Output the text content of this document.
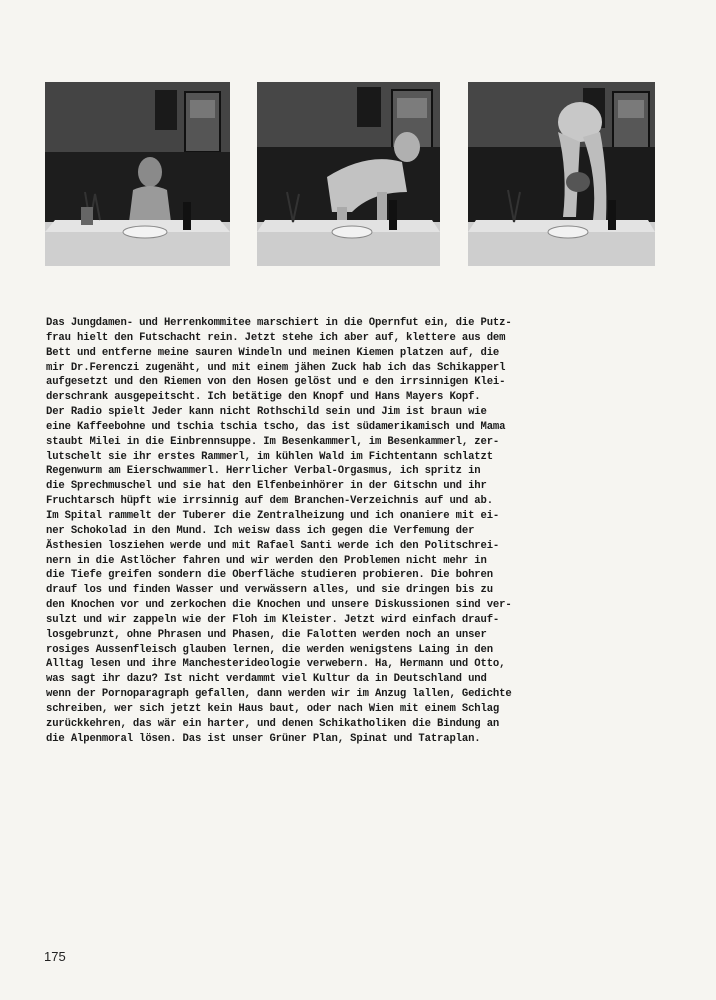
Das Jungdamen- und Herrenkommitee marschiert in die Opernfut ein, die Putz-
frau hielt den Futschacht rein. Jetzt stehe ich aber auf, klettere aus dem
Bett und entferne meine sauren Windeln und meinen Kiemen platzen auf, die
mir Dr.Ferenczi zugenäht, und mit einem jähen Zuck hab ich das Schikapperl
aufgesetzt und den Riemen von den Hosen gelöst und e den irrsinnigen Klei-
derschrank ausgepeitscht. Ich betätige den Knopf und Hans Mayers Kopf.
Der Radio spielt Jeder kann nicht Rothschild sein und Jim ist braun wie
eine Kaffeebohne und tschia tschia tscho, das ist südamerikamisch und Mama
staubt Milei in die Einbrennsuppe. Im Besenkammerl, im Besenkammerl, zer-
lutschelt sie ihr erstes Rammerl, im kühlen Wald im Fichtentann schlatzt
Regenwurm am Eierschwammerl. Herrlicher Verbal-Orgasmus, ich spritz in
die Sprechmuschel und sie hat den Elfenbeinhörer in der Gitschn und ihr
Fruchtarsch hüpft wie irrsinnig auf dem Branchen-Verzeichnis auf und ab.
Im Spital rammelt der Tuberer die Zentralheizung und ich onaniere mit ei-
ner Schokolad in den Mund. Ich weisw dass ich gegen die Verfemung der
Ästhesien losziehen werde und mit Rafael Santi werde ich den Politschrei-
nern in die Astlöcher fahren und wir werden den Problemen nicht mehr in
die Tiefe greifen sondern die Oberfläche studieren probieren. Die bohren
drauf los und finden Wasser und verwässern alles, und sie dringen bis zu
den Knochen vor und zerkochen die Knochen und unsere Diskussionen sind ver-
sulzt und wir zappeln wie der Floh im Kleister. Jetzt wird einfach drauf-
losgebrunzt, ohne Phrasen und Phasen, die Falotten werden noch an unser
rosiges Aussenfleisch glauben lernen, die werden wenigstens Laing in den
Alltag lesen und ihre Manchesterideologie verwebern. Ha, Hermann und Otto,
was sagt ihr dazu? Ist nicht verdammt viel Kultur da in Deutschland und
wenn der Pornoparagraph gefallen, dann werden wir im Anzug lallen, Gedichte
schreiben, wer sich jetzt kein Haus baut, oder nach Wien mit einem Schlag
zurückkehren, das wär ein harter, und denen Schikatholiken die Bindung an
die Alpenmoral lösen. Das ist unser Grüner Plan, Spinat und Tatraplan.
175
